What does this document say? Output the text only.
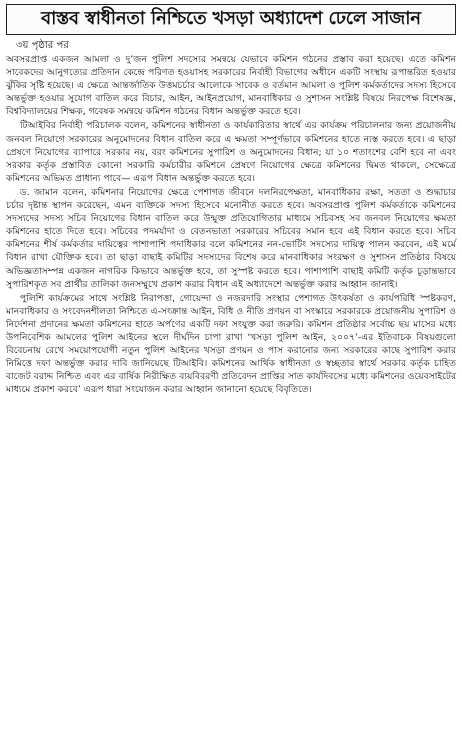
বাস্তব স্বাধীনতা নিশ্চিতে খসড়া অধ্যাদেশ ঢেলে সাজান
৩য় পৃষ্ঠার পর

অবসরপ্রাপ্ত একজন আমলা ও দু’জন পুলিশ সদস্যের সমন্বয়ে যেভাবে কমিশন গঠনের প্রস্তাব করা হয়েছে। এতে কমিশন সাবেকদের আনুগত্যের প্রতিদান কেন্দ্রে পরিণত হওয়াসহ সরকারের নির্বাহী বিভাগের অধীনে একটি সংস্থায় রূপান্তরিত হওয়ার ঝুঁকির সৃষ্টি হয়েছে। এ ক্ষেত্রে আন্তর্জাতিক উত্তমচর্চার আলোকে সাবেক ও বর্তমান আমলা ও পুলিশ কর্মকর্তাদের সদস্য হিসেবে অন্তর্ভুক্ত হওয়ার সুযোগ বাতিল করে বিচার, আইন, আইনপ্রয়োগ, মানবাধিকার ও সুশাসন সংশ্লিষ্ট বিষয়ে নিরপেক্ষ বিশেষজ্ঞ, বিশ্ববিদ্যালয়ের শিক্ষক, গবেষক সমন্বয়ে কমিশন গঠনের বিধান অন্তর্ভুক্ত করতে হবে।

টিআইবির নির্বাহী পরিচালক বলেন, কমিশনের স্বাধীনতা ও কার্যকারিতার স্বার্থে এর কার্যক্রম পরিচালনার জন্য প্রয়োজনীয় জনবল নিয়োগে সরকারের অনুমোদনের বিধান বাতিল করে এ ক্ষমতা সম্পূর্ণভাবে কমিশনের হাতে ন্যস্ত করতে হবে। এ ছাড়া প্রেষণে নিয়োগের ব্যাপারে সরকার নয়, বরং কমিশনের সুপারিশ ও অনুমোদনের বিধান; যা ১০ শতাংশের বেশি হবে না এবং সরকার কর্তৃক প্রস্তাবিত কোনো সরকারি কর্মচারীর কমিশনে প্রেষণে নিয়োগের ক্ষেত্রে কমিশনের দ্বিমত থাকলে, সেক্ষেত্রে কমিশনের অভিমত প্রাধান্য পাবে— এরূপ বিধান অন্তর্ভুক্ত করতে হবে।

ড. জামান বলেন, কমিশনার নিয়োগের ক্ষেত্রে পেশাগত জীবনে দলনিরপেক্ষতা, মানবাধিকার রক্ষা, সততা ও শুদ্ধাচার চর্চার দৃষ্টান্ত স্থাপন করেছেন, এমন ব্যক্তিকে সদস্য হিসেবে মনোনীত করতে হবে। অবসরপ্রাপ্ত পুলিশ কর্মকর্তাকে কমিশনের সদস্যদের সদস্য সচিব নিয়োগের বিধান বাতিল করে উন্মুক্ত প্রতিযোগিতার মাধ্যমে সচিবসহ সব জনবল নিয়োগের ক্ষমতা কমিশনের হাতে দিতে হবে। সচিবের পদমর্যাদা ও বেতনভাতা সরকারের সচিবের সমান হবে এই বিধান করতে হবে। সচিব কমিশনের শীর্ষ কর্মকর্তার দায়িত্বের পাশাপাশি পদাধিকার বলে কমিশনের নন-ভোটিং সদস্যের দায়িত্ব পালন করবেন, এই মর্মে বিধান রাখা যৌক্তিক হবে। তা ছাড়া বাছাই কমিটির সদস্যদের বিশেষ করে মানবাধিকার সংরক্ষণ ও সুশাসন প্রতিষ্ঠার বিষয়ে অভিজ্ঞতাসম্পন্ন একজন নাগরিক কিভাবে অন্তর্ভুক্ত হবে, তা সুস্পষ্ট করতে হবে। পাশাপাশি বাছাই কমিটি কর্তৃক চূড়ান্তভাবে সুপারিশকৃত সব প্রার্থীর তালিকা জনসম্মুখে প্রকাশ করার বিধান এই অধ্যাদেশে অন্তর্ভুক্ত করার আহ্বান জানাই।

পুলিশি কার্যক্রমের সাথে সংশ্লিষ্ট নিরাপত্তা, গোয়েন্দা ও নজরদারি সংস্থার পেশাগত উৎকর্ষতা ও কার্যপরিধি স্পষ্টকরণ, মানবাধিকার ও সংবেদনশীলতা নিশ্চিতে এ-সংক্রান্ত আইন, বিধি ও নীতি প্রণয়ন বা সংস্কারে সরকারকে প্রয়োজনীয় সুপারিশ ও নির্দেশনা প্রদানের ক্ষমতা কমিশনের হাতে অর্পণের একটি দফা সংযুক্ত করা জরুরি। কমিশন প্রতিষ্ঠার সর্বোচ্চ ছয় মাসের মধ্যে উপনিবেশিক আমলের পুলিশ আইনের স্থলে দীর্ঘদিন চাপা রাখা ‘খসড়া পুলিশ আইন, ২০০৭’-এর ইতিবাচক বিষয়গুলো বিবেচনায় রেখে সময়োপযোগী নতুন পুলিশ আইনের খসড়া প্রণয়ন ও পাস করানোর জন্য সরকারের কাছে সুপারিশ করার নিমিত্তে দফা অন্তর্ভুক্ত করার দাবি জানিয়েছে টিআইবি। কমিশনের আর্থিক স্বাধীনতা ও স্বচ্ছতার স্বার্থে সরকার কর্তৃক চাহিত বাজেট বরাদ্দ নিশ্চিত এবং এর বার্ষিক নিরীক্ষিত ব্যয়বিবরণী প্রতিবেদন প্রাপ্তির সাত কার্যদিবসের মধ্যে কমিশনের ওয়েবসাইটের মাধ্যমে প্রকাশ করবে’ এরূপ ধারা সংযোজন করার আহ্বান জানানো হয়েছে বিবৃতিতে।
